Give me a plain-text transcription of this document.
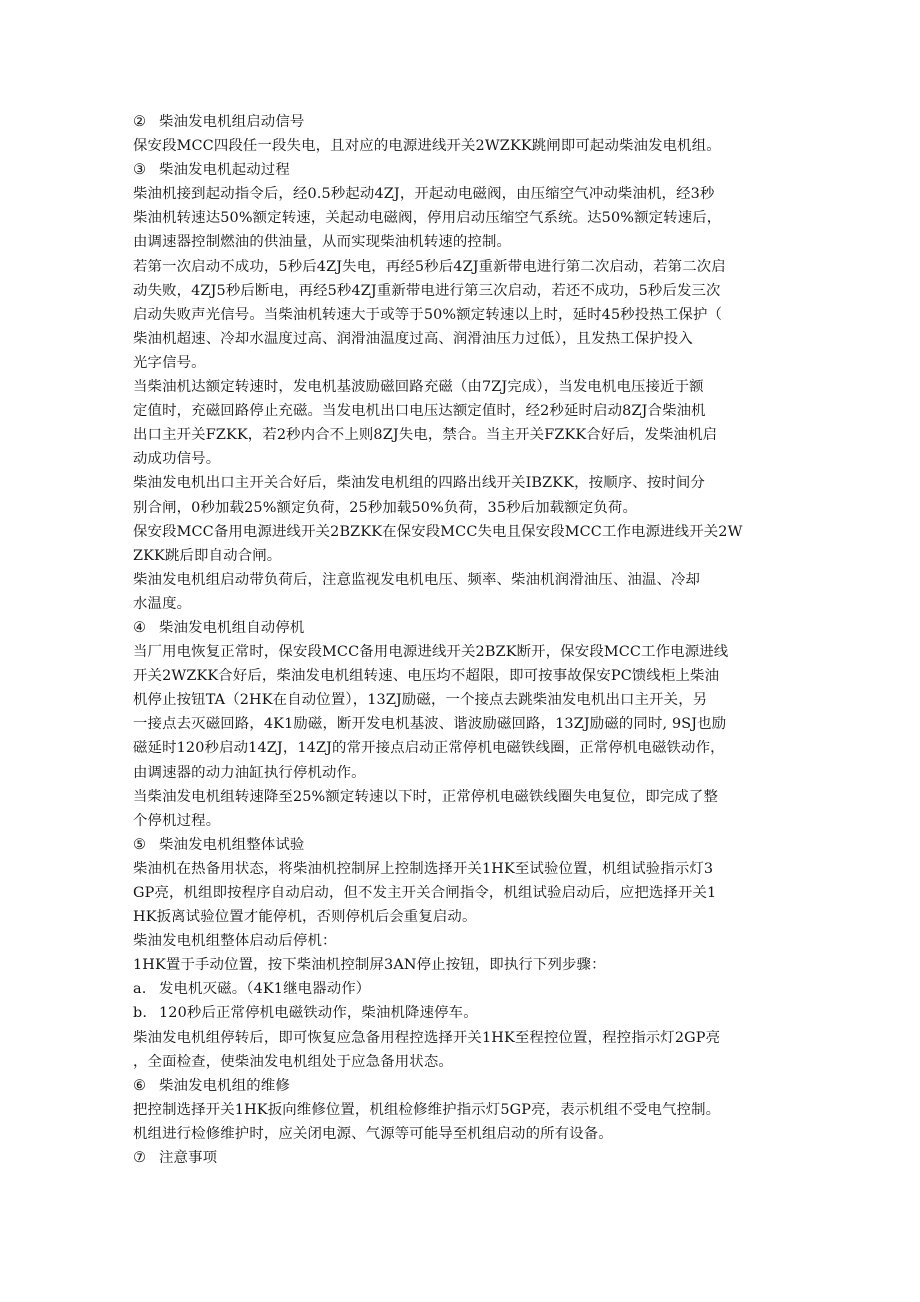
② 柴油发电机组启动信号
保安段MCC四段任一段失电，且对应的电源进线开关2WZKK跳闸即可起动柴油发电机组。
③ 柴油发电机起动过程
柴油机接到起动指令后，经0.5秒起动4ZJ，开起动电磁阀，由压缩空气冲动柴油机，经3秒
柴油机转速达50%额定转速，关起动电磁阀，停用启动压缩空气系统。达50%额定转速后，
由调速器控制燃油的供油量，从而实现柴油机转速的控制。
若第一次启动不成功，5秒后4ZJ失电，再经5秒后4ZJ重新带电进行第二次启动，若第二次启
动失败，4ZJ5秒后断电，再经5秒4ZJ重新带电进行第三次启动，若还不成功，5秒后发三次
启动失败声光信号。当柴油机转速大于或等于50%额定转速以上时，延时45秒投热工保护（
柴油机超速、冷却水温度过高、润滑油温度过高、润滑油压力过低），且发热工保护投入
光字信号。
当柴油机达额定转速时，发电机基波励磁回路充磁（由7ZJ完成），当发电机电压接近于额
定值时，充磁回路停止充磁。当发电机出口电压达额定值时，经2秒延时启动8ZJ合柴油机
出口主开关FZKK，若2秒内合不上则8ZJ失电，禁合。当主开关FZKK合好后，发柴油机启
动成功信号。
柴油发电机出口主开关合好后，柴油发电机组的四路出线开关IBZKK，按顺序、按时间分
别合闸，0秒加载25%额定负荷，25秒加载50%负荷，35秒后加载额定负荷。
保安段MCC备用电源进线开关2BZKK在保安段MCC失电且保安段MCC工作电源进线开关2W
ZKK跳后即自动合闸。
柴油发电机组启动带负荷后，注意监视发电机电压、频率、柴油机润滑油压、油温、冷却
水温度。
④ 柴油发电机组自动停机
当厂用电恢复正常时，保安段MCC备用电源进线开关2BZK断开，保安段MCC工作电源进线
开关2WZKK合好后，柴油发电机组转速、电压均不超限，即可按事故保安PC馈线柜上柴油
机停止按钮TA（2HK在自动位置），13ZJ励磁，一个接点去跳柴油发电机出口主开关，另
一接点去灭磁回路，4K1励磁，断开发电机基波、谐波励磁回路，13ZJ励磁的同时, 9SJ也励
磁延时120秒启动14ZJ，14ZJ的常开接点启动正常停机电磁铁线圈，正常停机电磁铁动作，
由调速器的动力油缸执行停机动作。
当柴油发电机组转速降至25%额定转速以下时，正常停机电磁铁线圈失电复位，即完成了整
个停机过程。
⑤ 柴油发电机组整体试验
柴油机在热备用状态，将柴油机控制屏上控制选择开关1HK至试验位置，机组试验指示灯3
GP亮，机组即按程序自动启动，但不发主开关合闸指令，机组试验启动后，应把选择开关1
HK扳离试验位置才能停机，否则停机后会重复启动。
柴油发电机组整体启动后停机：
1HK置于手动位置，按下柴油机控制屏3AN停止按钮，即执行下列步骤：
a. 发电机灭磁。（4K1继电器动作）
b. 120秒后正常停机电磁铁动作，柴油机降速停车。
柴油发电机组停转后，即可恢复应急备用程控选择开关1HK至程控位置，程控指示灯2GP亮
，全面检查，使柴油发电机组处于应急备用状态。
⑥ 柴油发电机组的维修
把控制选择开关1HK扳向维修位置，机组检修维护指示灯5GP亮，表示机组不受电气控制。
机组进行检修维护时，应关闭电源、气源等可能导至机组启动的所有设备。
⑦ 注意事项
